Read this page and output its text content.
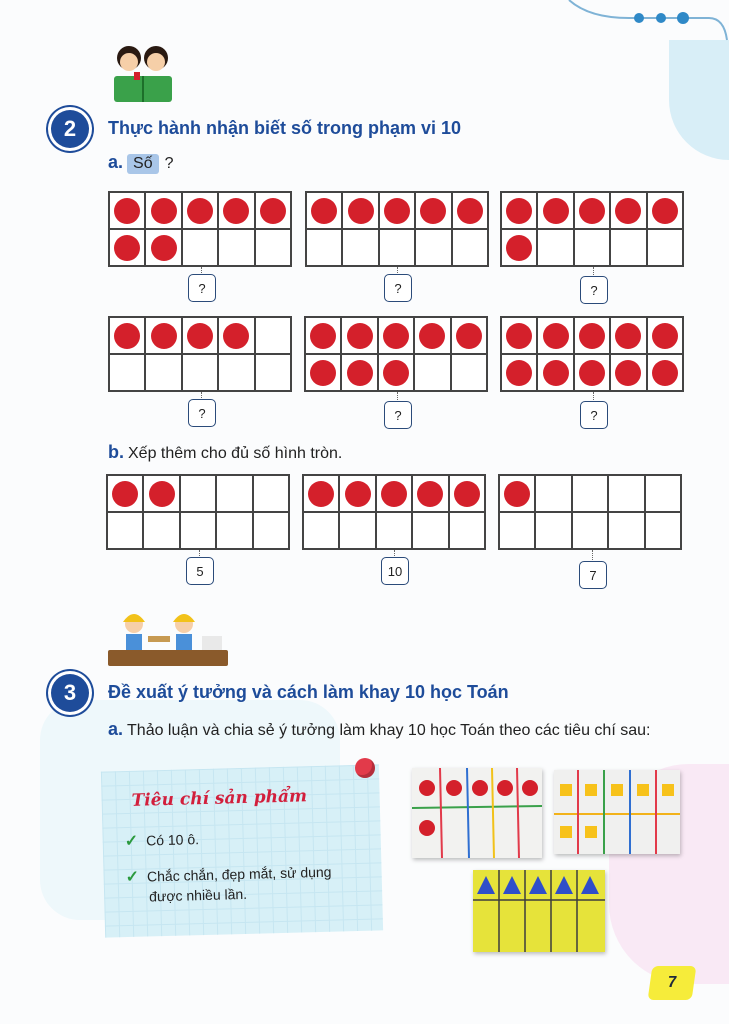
2 Thực hành nhận biết số trong phạm vi 10
a. Số ?
?	?	?
?	?	?
b. Xếp thêm cho đủ số hình tròn.
5	10	7
3 Đề xuất ý tưởng và cách làm khay 10 học Toán
a. Thảo luận và chia sẻ ý tưởng làm khay 10 học Toán theo các tiêu chí sau:
Tiêu chí sản phẩm
✓ Có 10 ô.
✓ Chắc chắn, đẹp mắt, sử dụng
được nhiều lần.
7
